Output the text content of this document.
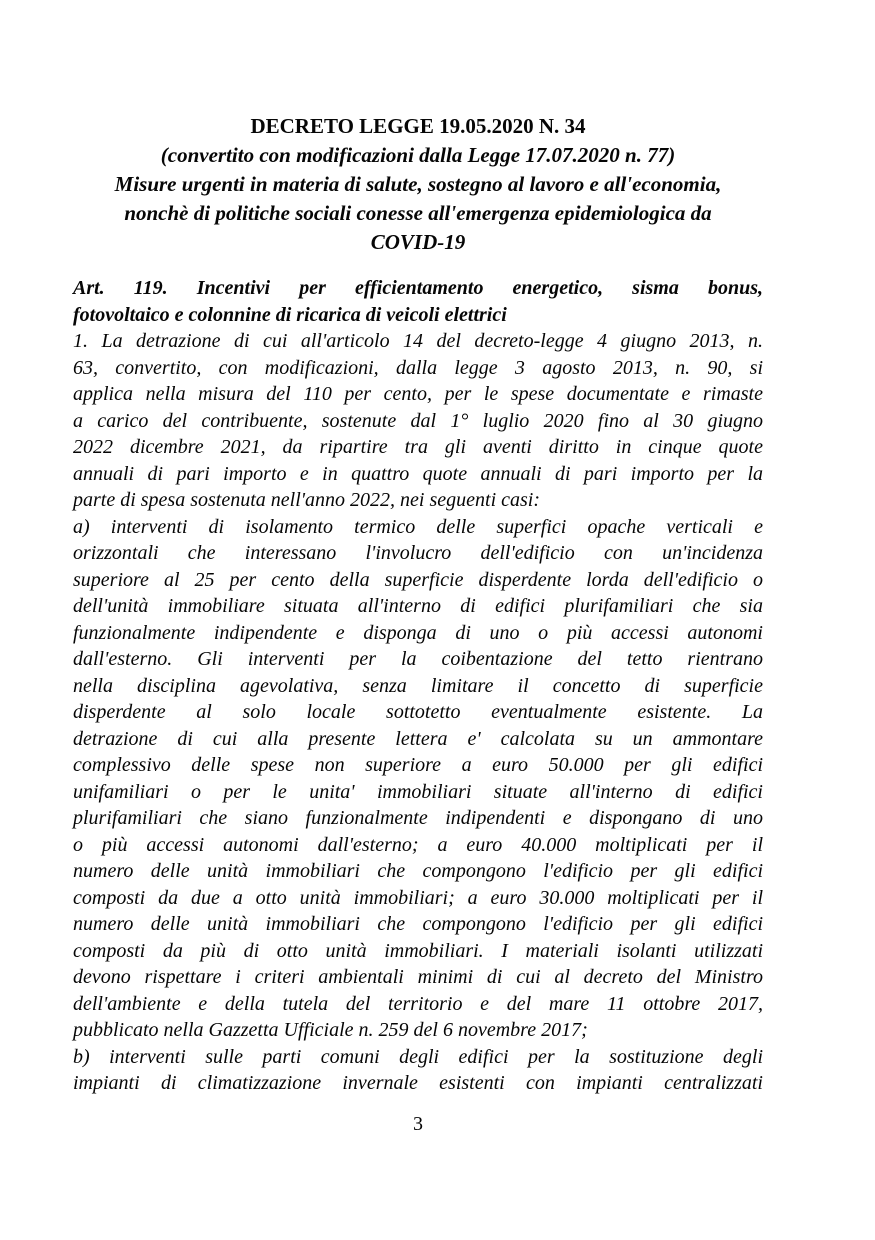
DECRETO LEGGE 19.05.2020 N. 34
(convertito con modificazioni dalla Legge 17.07.2020 n. 77)
Misure urgenti in materia di salute, sostegno al lavoro e all'economia,
nonchè di politiche sociali conesse all'emergenza epidemiologica da
COVID-19
Art. 119. Incentivi per efficientamento energetico, sisma bonus,
fotovoltaico e colonnine di ricarica di veicoli elettrici
1. La detrazione di cui all'articolo 14 del decreto-legge 4 giugno 2013, n.
63, convertito, con modificazioni, dalla legge 3 agosto 2013, n. 90, si
applica nella misura del 110 per cento, per le spese documentate e rimaste
a carico del contribuente, sostenute dal 1° luglio 2020 fino al 30 giugno
2022 dicembre 2021, da ripartire tra gli aventi diritto in cinque quote
annuali di pari importo e in quattro quote annuali di pari importo per la
parte di spesa sostenuta nell'anno 2022, nei seguenti casi:
a) interventi di isolamento termico delle superfici opache verticali e
orizzontali che interessano l'involucro dell'edificio con un'incidenza
superiore al 25 per cento della superficie disperdente lorda dell'edificio o
dell'unità immobiliare situata all'interno di edifici plurifamiliari che sia
funzionalmente indipendente e disponga di uno o più accessi autonomi
dall'esterno. Gli interventi per la coibentazione del tetto rientrano
nella disciplina agevolativa, senza limitare il concetto di superficie
disperdente al solo locale sottotetto eventualmente esistente. La
detrazione di cui alla presente lettera e' calcolata su un ammontare
complessivo delle spese non superiore a euro 50.000 per gli edifici
unifamiliari o per le unita' immobiliari situate all'interno di edifici
plurifamiliari che siano funzionalmente indipendenti e dispongano di uno
o più accessi autonomi dall'esterno; a euro 40.000 moltiplicati per il
numero delle unità immobiliari che compongono l'edificio per gli edifici
composti da due a otto unità immobiliari; a euro 30.000 moltiplicati per il
numero delle unità immobiliari che compongono l'edificio per gli edifici
composti da più di otto unità immobiliari. I materiali isolanti utilizzati
devono rispettare i criteri ambientali minimi di cui al decreto del Ministro
dell'ambiente e della tutela del territorio e del mare 11 ottobre 2017,
pubblicato nella Gazzetta Ufficiale n. 259 del 6 novembre 2017;
b) interventi sulle parti comuni degli edifici per la sostituzione degli
impianti di climatizzazione invernale esistenti con impianti centralizzati
3
